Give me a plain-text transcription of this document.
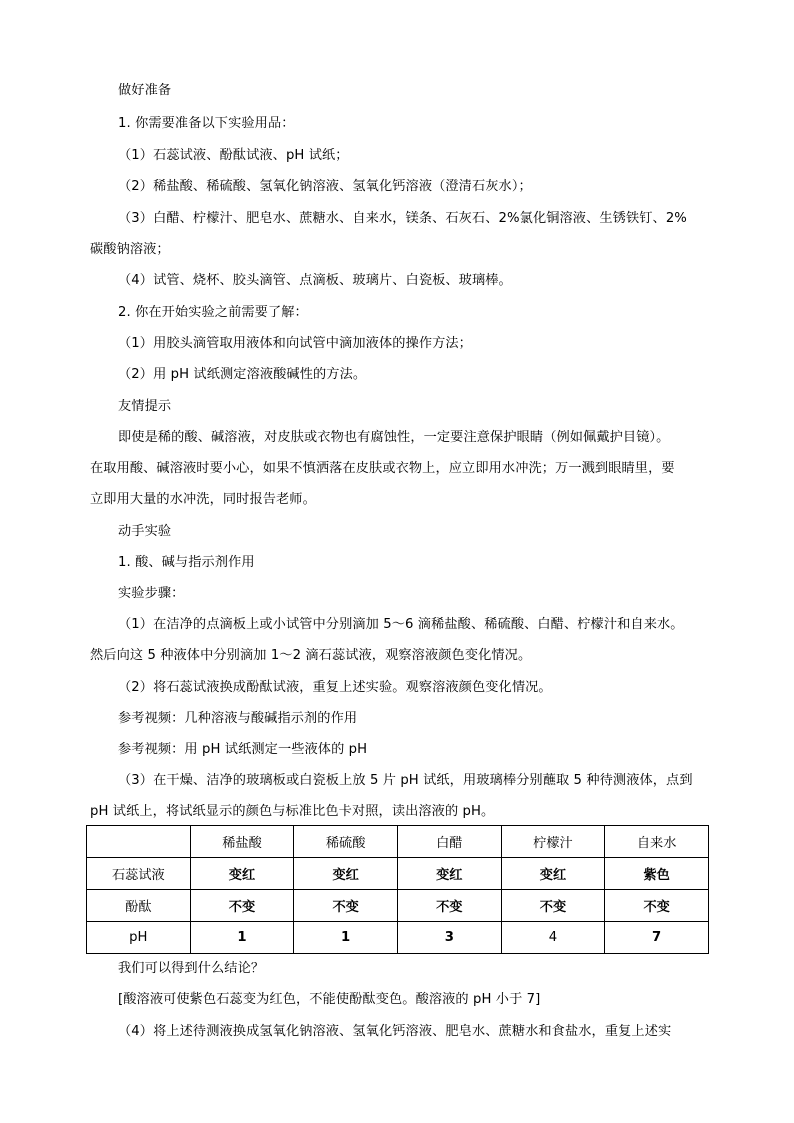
做好准备
1. 你需要准备以下实验用品：
（1）石蕊试液、酚酞试液、pH 试纸；
（2）稀盐酸、稀硫酸、氢氧化钠溶液、氢氧化钙溶液（澄清石灰水）；
（3）白醋、柠檬汁、肥皂水、蔗糖水、自来水，镁条、石灰石、2%氯化铜溶液、生锈铁钉、2%
碳酸钠溶液；
（4）试管、烧杯、胶头滴管、点滴板、玻璃片、白瓷板、玻璃棒。
2. 你在开始实验之前需要了解：
（1）用胶头滴管取用液体和向试管中滴加液体的操作方法；
（2）用 pH 试纸测定溶液酸碱性的方法。
友情提示
即使是稀的酸、碱溶液，对皮肤或衣物也有腐蚀性，一定要注意保护眼睛（例如佩戴护目镜）。
在取用酸、碱溶液时要小心，如果不慎洒落在皮肤或衣物上，应立即用水冲洗；万一溅到眼睛里，要
立即用大量的水冲洗，同时报告老师。
动手实验
1. 酸、碱与指示剂作用
实验步骤：
（1）在洁净的点滴板上或小试管中分别滴加 5～6 滴稀盐酸、稀硫酸、白醋、柠檬汁和自来水。
然后向这 5 种液体中分别滴加 1～2 滴石蕊试液，观察溶液颜色变化情况。
（2）将石蕊试液换成酚酞试液，重复上述实验。观察溶液颜色变化情况。
参考视频：几种溶液与酸碱指示剂的作用
参考视频：用 pH 试纸测定一些液体的 pH
（3）在干燥、洁净的玻璃板或白瓷板上放 5 片 pH 试纸，用玻璃棒分别蘸取 5 种待测液体，点到
pH 试纸上，将试纸显示的颜色与标准比色卡对照，读出溶液的 pH。
	稀盐酸	稀硫酸	白醋	柠檬汁	自来水
石蕊试液	变红	变红	变红	变红	紫色
酚酞	不变	不变	不变	不变	不变
pH	1	1	3	4	7
我们可以得到什么结论？
[酸溶液可使紫色石蕊变为红色，不能使酚酞变色。酸溶液的 pH 小于 7]
（4）将上述待测液换成氢氧化钠溶液、氢氧化钙溶液、肥皂水、蔗糖水和食盐水，重复上述实
